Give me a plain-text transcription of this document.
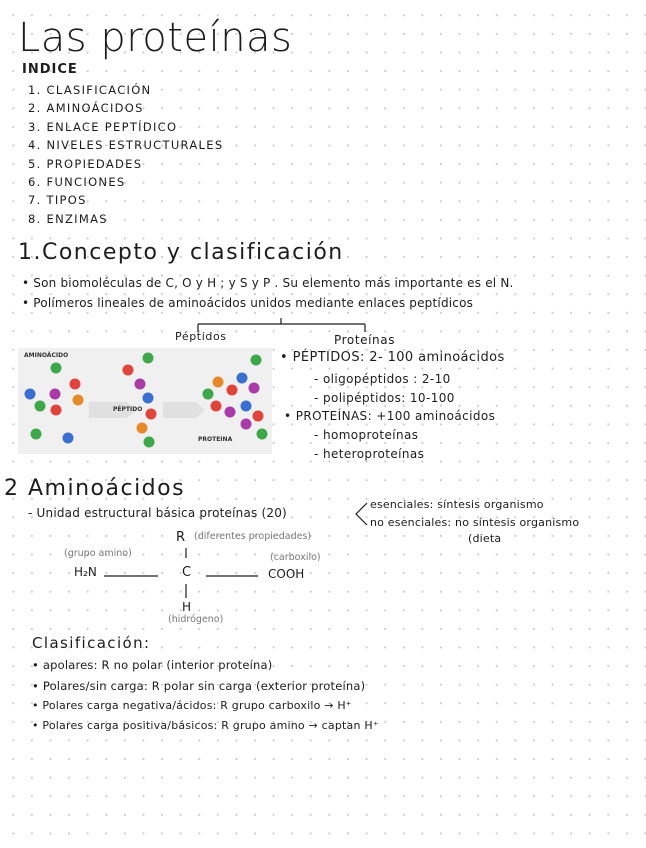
Las proteínas
INDICE
1. CLASIFICACIÓN
2. AMINOÁCIDOS
3. ENLACE PEPTÍDICO
4. NIVELES ESTRUCTURALES
5. PROPIEDADES
6. FUNCIONES
7. TIPOS
8. ENZIMAS
1.Concepto y clasificación
• Son biomoléculas de C, O y H ; y S y P . Su elemento más importante es el N.
• Polímeros lineales de aminoácidos unidos mediante enlaces peptídicos
Péptidos	Proteínas
AMINOÁCIDO
PÉPTIDO
PROTEINA
• PÉPTIDOS: 2- 100 aminoácidos
- oligopéptidos : 2-10
- polipéptidos: 10-100
• PROTEÍNAS: +100 aminoácidos
- homoproteínas
- heteroproteínas
2 Aminoácidos
- Unidad estructural básica proteínas (20)
esenciales: síntesis organismo
no esenciales: no síntesis organismo
(dieta
R (diferentes propiedades)
(grupo amino)	(carboxilo)
H₂N	C	COOH
H
(hidrógeno)
Clasificación:
• apolares: R no polar (interior proteína)
• Polares/sin carga: R polar sin carga (exterior proteína)
• Polares carga negativa/ácidos: R grupo carboxilo → H⁺
• Polares carga positiva/básicos: R grupo amino → captan H⁺
